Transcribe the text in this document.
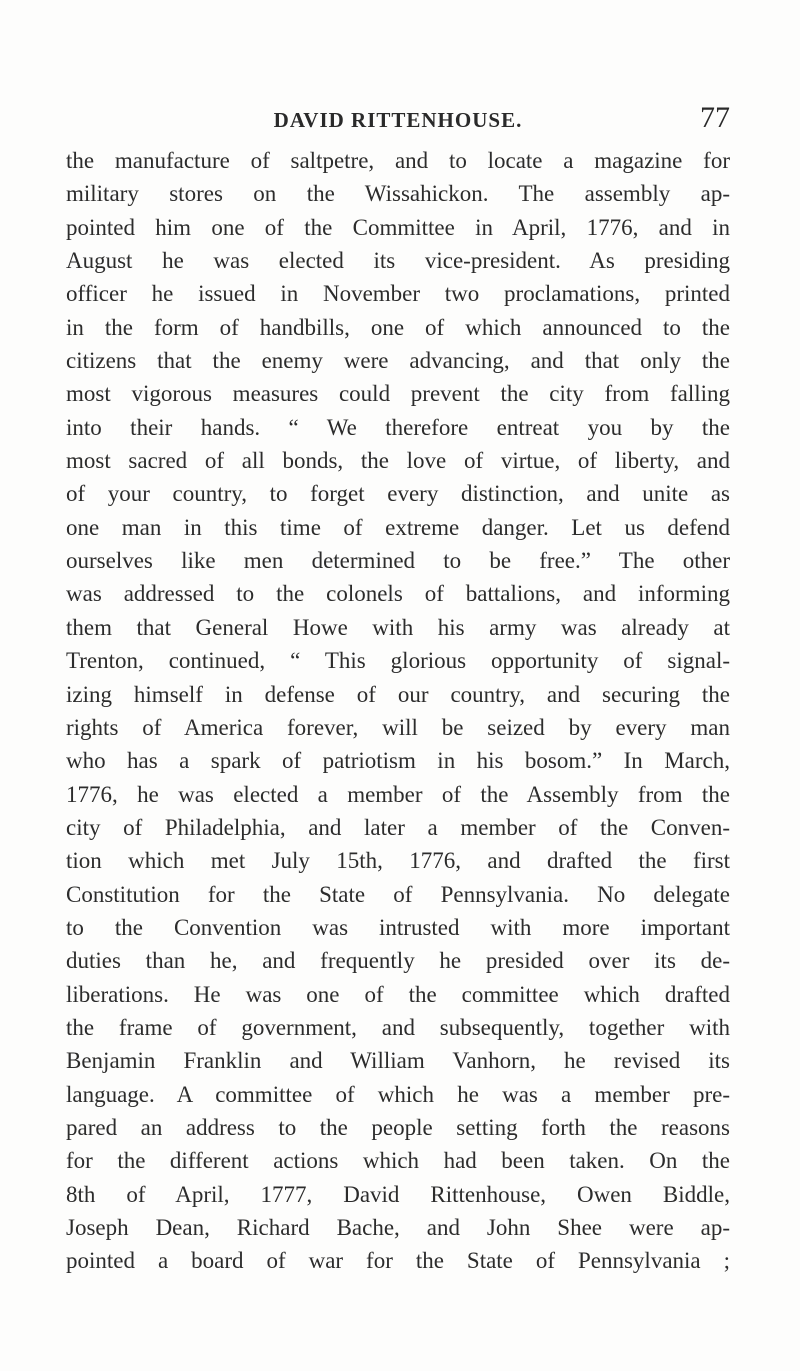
DAVID RITTENHOUSE.	77
the manufacture of saltpetre, and to locate a magazine for
military stores on the Wissahickon. The assembly ap-
pointed him one of the Committee in April, 1776, and in
August he was elected its vice-president. As presiding
officer he issued in November two proclamations, printed
in the form of handbills, one of which announced to the
citizens that the enemy were advancing, and that only the
most vigorous measures could prevent the city from falling
into their hands. “ We therefore entreat you by the
most sacred of all bonds, the love of virtue, of liberty, and
of your country, to forget every distinction, and unite as
one man in this time of extreme danger. Let us defend
ourselves like men determined to be free.” The other
was addressed to the colonels of battalions, and informing
them that General Howe with his army was already at
Trenton, continued, “ This glorious opportunity of signal-
izing himself in defense of our country, and securing the
rights of America forever, will be seized by every man
who has a spark of patriotism in his bosom.” In March,
1776, he was elected a member of the Assembly from the
city of Philadelphia, and later a member of the Conven-
tion which met July 15th, 1776, and drafted the first
Constitution for the State of Pennsylvania. No delegate
to the Convention was intrusted with more important
duties than he, and frequently he presided over its de-
liberations. He was one of the committee which drafted
the frame of government, and subsequently, together with
Benjamin Franklin and William Vanhorn, he revised its
language. A committee of which he was a member pre-
pared an address to the people setting forth the reasons
for the different actions which had been taken. On the
8th of April, 1777, David Rittenhouse, Owen Biddle,
Joseph Dean, Richard Bache, and John Shee were ap-
pointed a board of war for the State of Pennsylvania ;
